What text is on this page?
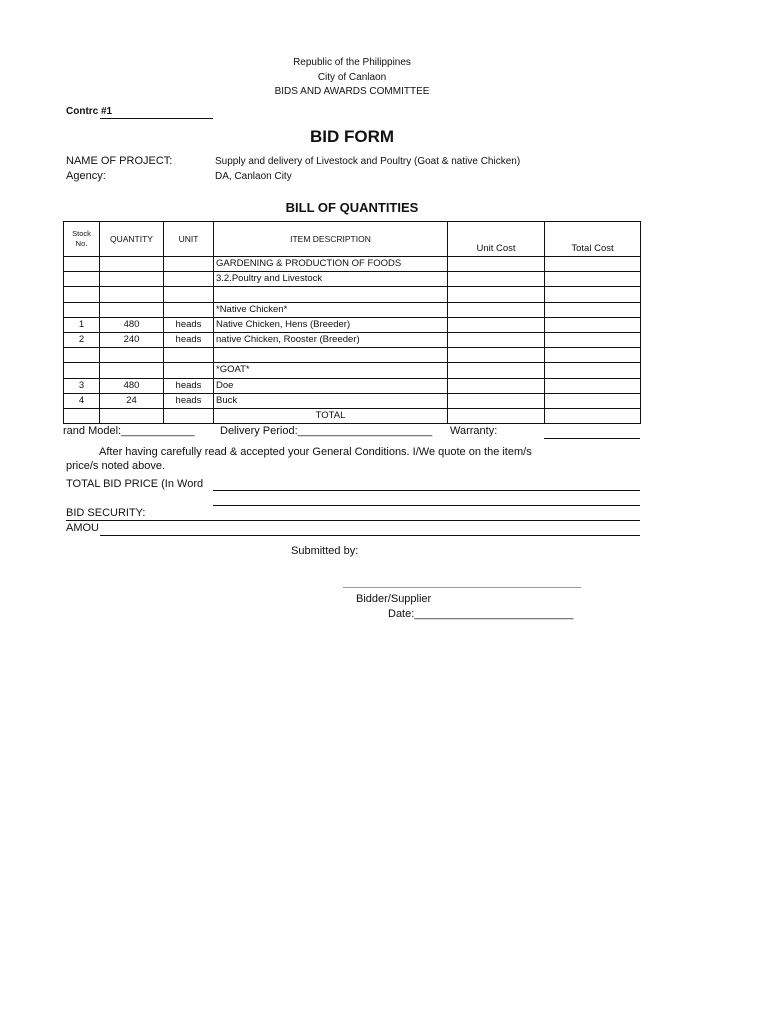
Republic of the Philippines
City of Canlaon
BIDS AND AWARDS COMMITTEE
Contrc #1
BID FORM
NAME OF PROJECT:	Supply and delivery of Livestock and Poultry (Goat & native Chicken)
Agency:	DA, Canlaon City
BILL OF QUANTITIES
Stock No.	QUANTITY	UNIT	ITEM DESCRIPTION	Unit Cost	Total Cost
			GARDENING & PRODUCTION OF FOODS		
			3.2.Poultry and Livestock		

			*Native Chicken*		
1	480	heads	Native Chicken, Hens (Breeder)		
2	240	heads	native Chicken, Rooster (Breeder)		

			*GOAT*		
3	480	heads	Doe		
4	24	heads	Buck		
			TOTAL		
rand Model:____________ Delivery Period:______________________ Warranty:
After having carefully read & accepted your General Conditions. I/We quote on the item/s
price/s noted above.
TOTAL BID PRICE (In Word
BID SECURITY:
AMOU
Submitted by:
Bidder/Supplier
Date:__________________________
